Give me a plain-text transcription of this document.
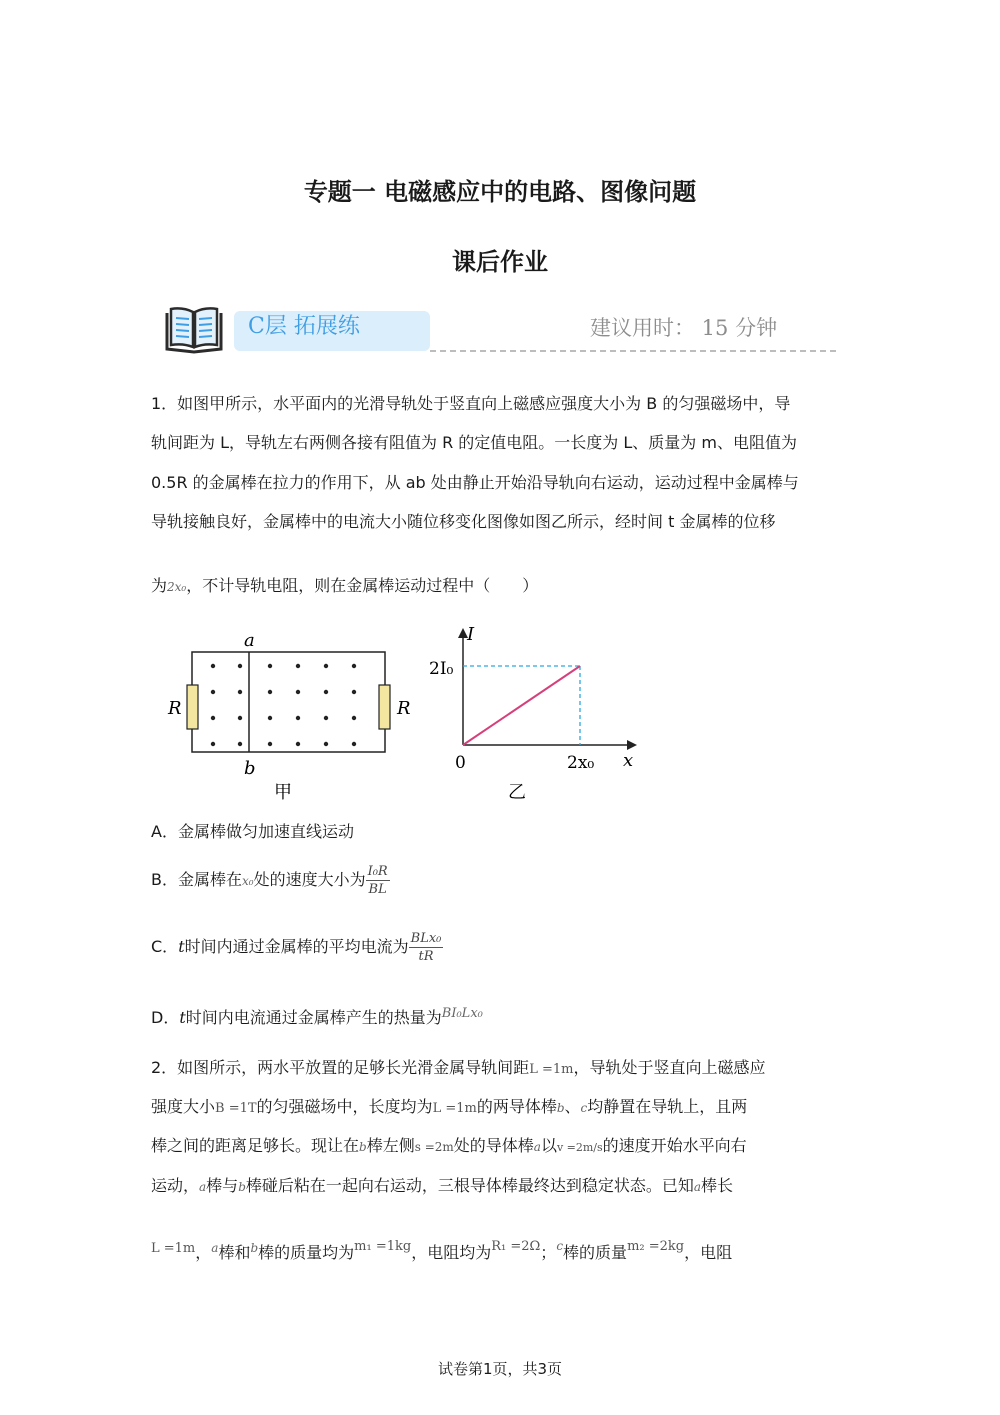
专题一 电磁感应中的电路、图像问题
课后作业
C层 拓展练	建议用时： 15 分钟
1．如图甲所示，水平面内的光滑导轨处于竖直向上磁感应强度大小为 B 的匀强磁场中，导
轨间距为 L，导轨左右两侧各接有阻值为 R 的定值电阻。一长度为 L、质量为 m、电阻值为
0.5R 的金属棒在拉力的作用下，从 ab 处由静止开始沿导轨向右运动，运动过程中金属棒与
导轨接触良好，金属棒中的电流大小随位移变化图像如图乙所示，经时间 t 金属棒的位移
为2x₀，不计导轨电阻，则在金属棒运动过程中（　　）
a
b
R	R
甲
I
x
0
2I₀
2x₀
乙
A．金属棒做匀加速直线运动
B．金属棒在x₀处的速度大小为 $\frac{\text{I₀R}}{BL}$
C．t时间内通过金属棒的平均电流为 $\frac{\text{BLx₀}}{tR}$
D．t时间内电流通过金属棒产生的热量为$^{BI_0Lx_0}$
2．如图所示，两水平放置的足够长光滑金属导轨间距L =1m，导轨处于竖直向上磁感应
强度大小B =1T的匀强磁场中，长度均为L =1m的两导体棒b、c均静置在导轨上，且两
棒之间的距离足够长。现让在b棒左侧s =2m处的导体棒a以v =2m/s的速度开始水平向右
运动，a棒与b棒碰后粘在一起向右运动，三根导体棒最终达到稳定状态。已知a棒长
$^{L =1m}$，$^a$棒和$^b$棒的质量均为$^{m_1 =1kg}$，电阻均为$^{R_1 =2\Omega}$；$^c$棒的质量$^{m_2 =2kg}$，电阻
试卷第1页，共3页
